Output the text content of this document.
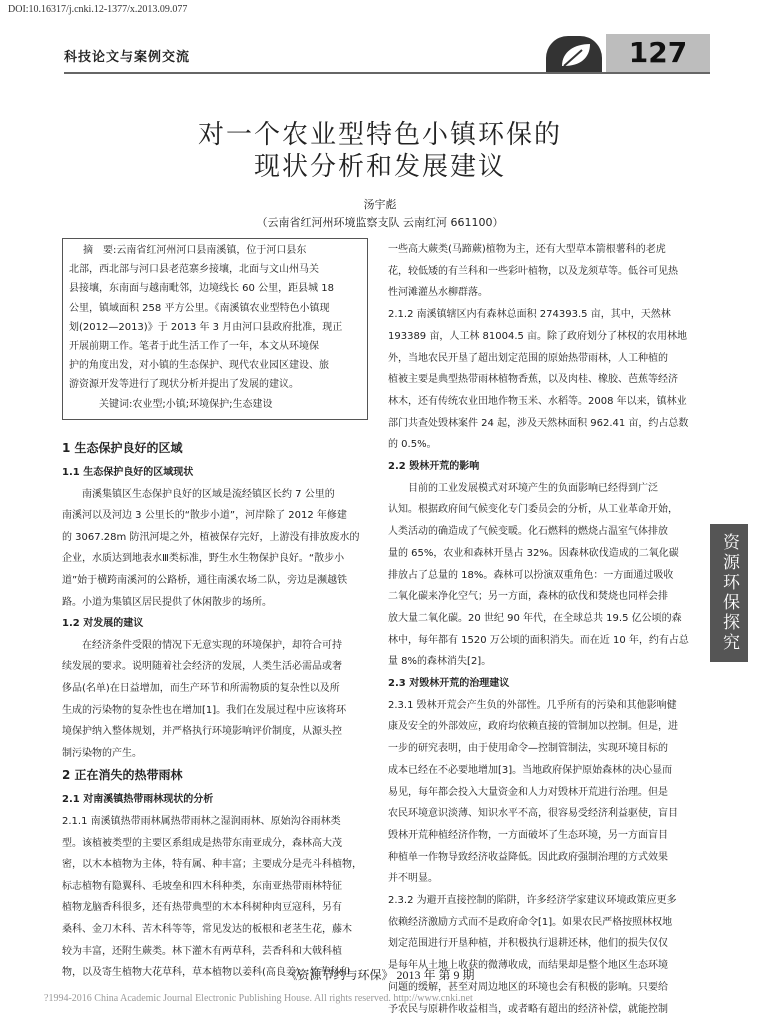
DOI:10.16317/j.cnki.12-1377/x.2013.09.077
科技论文与案例交流	127
对一个农业型特色小镇环保的
现状分析和发展建议
汤宇彪
（云南省红河州环境监察支队 云南红河 661100）
摘　要:云南省红河州河口县南溪镇，位于河口县东
北部，西北部与河口县老范寨乡接壤，北面与文山州马关
县接壤，东南面与越南毗邻，边境线长 60 公里，距县城 18
公里，镇域面积 258 平方公里。《南溪镇农业型特色小镇现
划(2012—2013)》于 2013 年 3 月由河口县政府批准，现正
开展前期工作。笔者于此生活工作了一年，本文从环境保
护的角度出发，对小镇的生态保护、现代农业园区建设、旅
游资源开发等进行了现状分析并提出了发展的建议。
关键词:农业型;小镇;环境保护;生态建设
1 生态保护良好的区域
1.1 生态保护良好的区域现状
南溪集镇区生态保护良好的区域是流经镇区长约 7 公里的
南溪河以及河边 3 公里长的“散步小道”，河岸除了 2012 年修建
的 3067.28m 防汛河堤之外，植被保存完好，上游没有排放废水的
企业，水质达到地表水Ⅲ类标准，野生水生物保护良好。“散步小
道”始于横跨南溪河的公路桥，通往南溪农场二队，旁边是濒越铁
路。小道为集镇区居民提供了休闲散步的场所。
1.2 对发展的建议
在经济条件受限的情况下无意实现的环境保护，却符合可持
续发展的要求。说明随着社会经济的发展，人类生活必需品或奢
侈品(名单)在日益增加，而生产环节和所需物质的复杂性以及所
生成的污染物的复杂性也在增加[1]。我们在发展过程中应该将环
境保护纳入整体规划，并严格执行环境影响评价制度，从源头控
制污染物的产生。
2 正在消失的热带雨林
2.1 对南溪镇热带雨林现状的分析
2.1.1 南溪镇热带雨林属热带雨林之湿润雨林、原始沟谷雨林类
型。该植被类型的主要区系组成是热带东南亚成分，森林高大茂
密，以木本植物为主体，特有属、种丰富；主要成分是壳斗科植物，
标志植物有隐翼科、毛坡垒和四木科种类，东南亚热带雨林特征
植物龙脑香科很多，还有热带典型的木本科树种肉豆寇科，另有
桑科、金刀木科、苦木科等等，常见发达的板根和老茎生花，藤木
较为丰富，还附生蕨类。林下灌木有两草科，芸香科和大戟科植
物，以及寄生植物大花草科，草本植物以姜科(高良姜)，竹芋科和
一些高大蕨类(马蹄蕨)植物为主，还有大型草本箭根薯科的老虎
花，较低矮的有兰科和一些彩叶植物，以及龙须草等。低谷可见热
性河滩灌丛水柳群落。
2.1.2 南溪镇辖区内有森林总面积 274393.5 亩，其中，天然林
193389 亩，人工林 81004.5 亩。除了政府划分了林权的农用林地
外，当地农民开垦了超出划定范围的原始热带雨林，人工种植的
植被主要是典型热带雨林植物香蕉，以及肉桂、橡胶、芭蕉等经济
林木，还有传统农业田地作物玉米、水稻等。2008 年以来，镇林业
部门共查处毁林案件 24 起，涉及天然林面积 962.41 亩，约占总数
的 0.5%。
2.2 毁林开荒的影响
目前的工业发展模式对环境产生的负面影响已经得到广泛
认知。根据政府间气候变化专门委员会的分析，从工业革命开始，
人类活动的确造成了气候变暖。化石燃料的燃烧占温室气体排放
量的 65%，农业和森林开垦占 32%。因森林砍伐造成的二氧化碳
排放占了总量的 18%。森林可以扮演双重角色：一方面通过吸收
二氧化碳来净化空气；另一方面，森林的砍伐和焚烧也同样会排
放大量二氧化碳。20 世纪 90 年代，在全球总共 19.5 亿公顷的森
林中，每年都有 1520 万公顷的面积消失。而在近 10 年，约有占总
量 8%的森林消失[2]。
2.3 对毁林开荒的治理建议
2.3.1 毁林开荒会产生负的外部性。几乎所有的污染和其他影响健
康及安全的外部效应，政府均依赖直接的管制加以控制。但是，进
一步的研究表明，由于使用命令—控制管制法，实现环境目标的
成本已经在不必要地增加[3]。当地政府保护原始森林的决心显而
易见，每年都会投入大量资金和人力对毁林开荒进行治理。但是
农民环境意识淡薄、知识水平不高，很容易受经济利益驱使，盲目
毁林开荒种植经济作物，一方面破坏了生态环境，另一方面盲目
种植单一作物导致经济收益降低。因此政府强制治理的方式效果
并不明显。
2.3.2 为避开直接控制的陷阱，许多经济学家建议环境政策应更多
依赖经济激励方式而不是政府命令[1]。如果农民严格按照林权地
划定范围进行开垦种植，并积极执行退耕还林，他们的损失仅仅
是每年从土地上收获的微薄收成，而结果却是整个地区生态环境
问题的缓解，甚至对周边地区的环境也会有积极的影响。只要给
予农民与原耕作收益相当，或者略有超出的经济补偿，就能控制
资源环保探究
《资源节约与环保》 2013 年 第 9 期
?1994-2016 China Academic Journal Electronic Publishing House. All rights reserved. http://www.cnki.net
